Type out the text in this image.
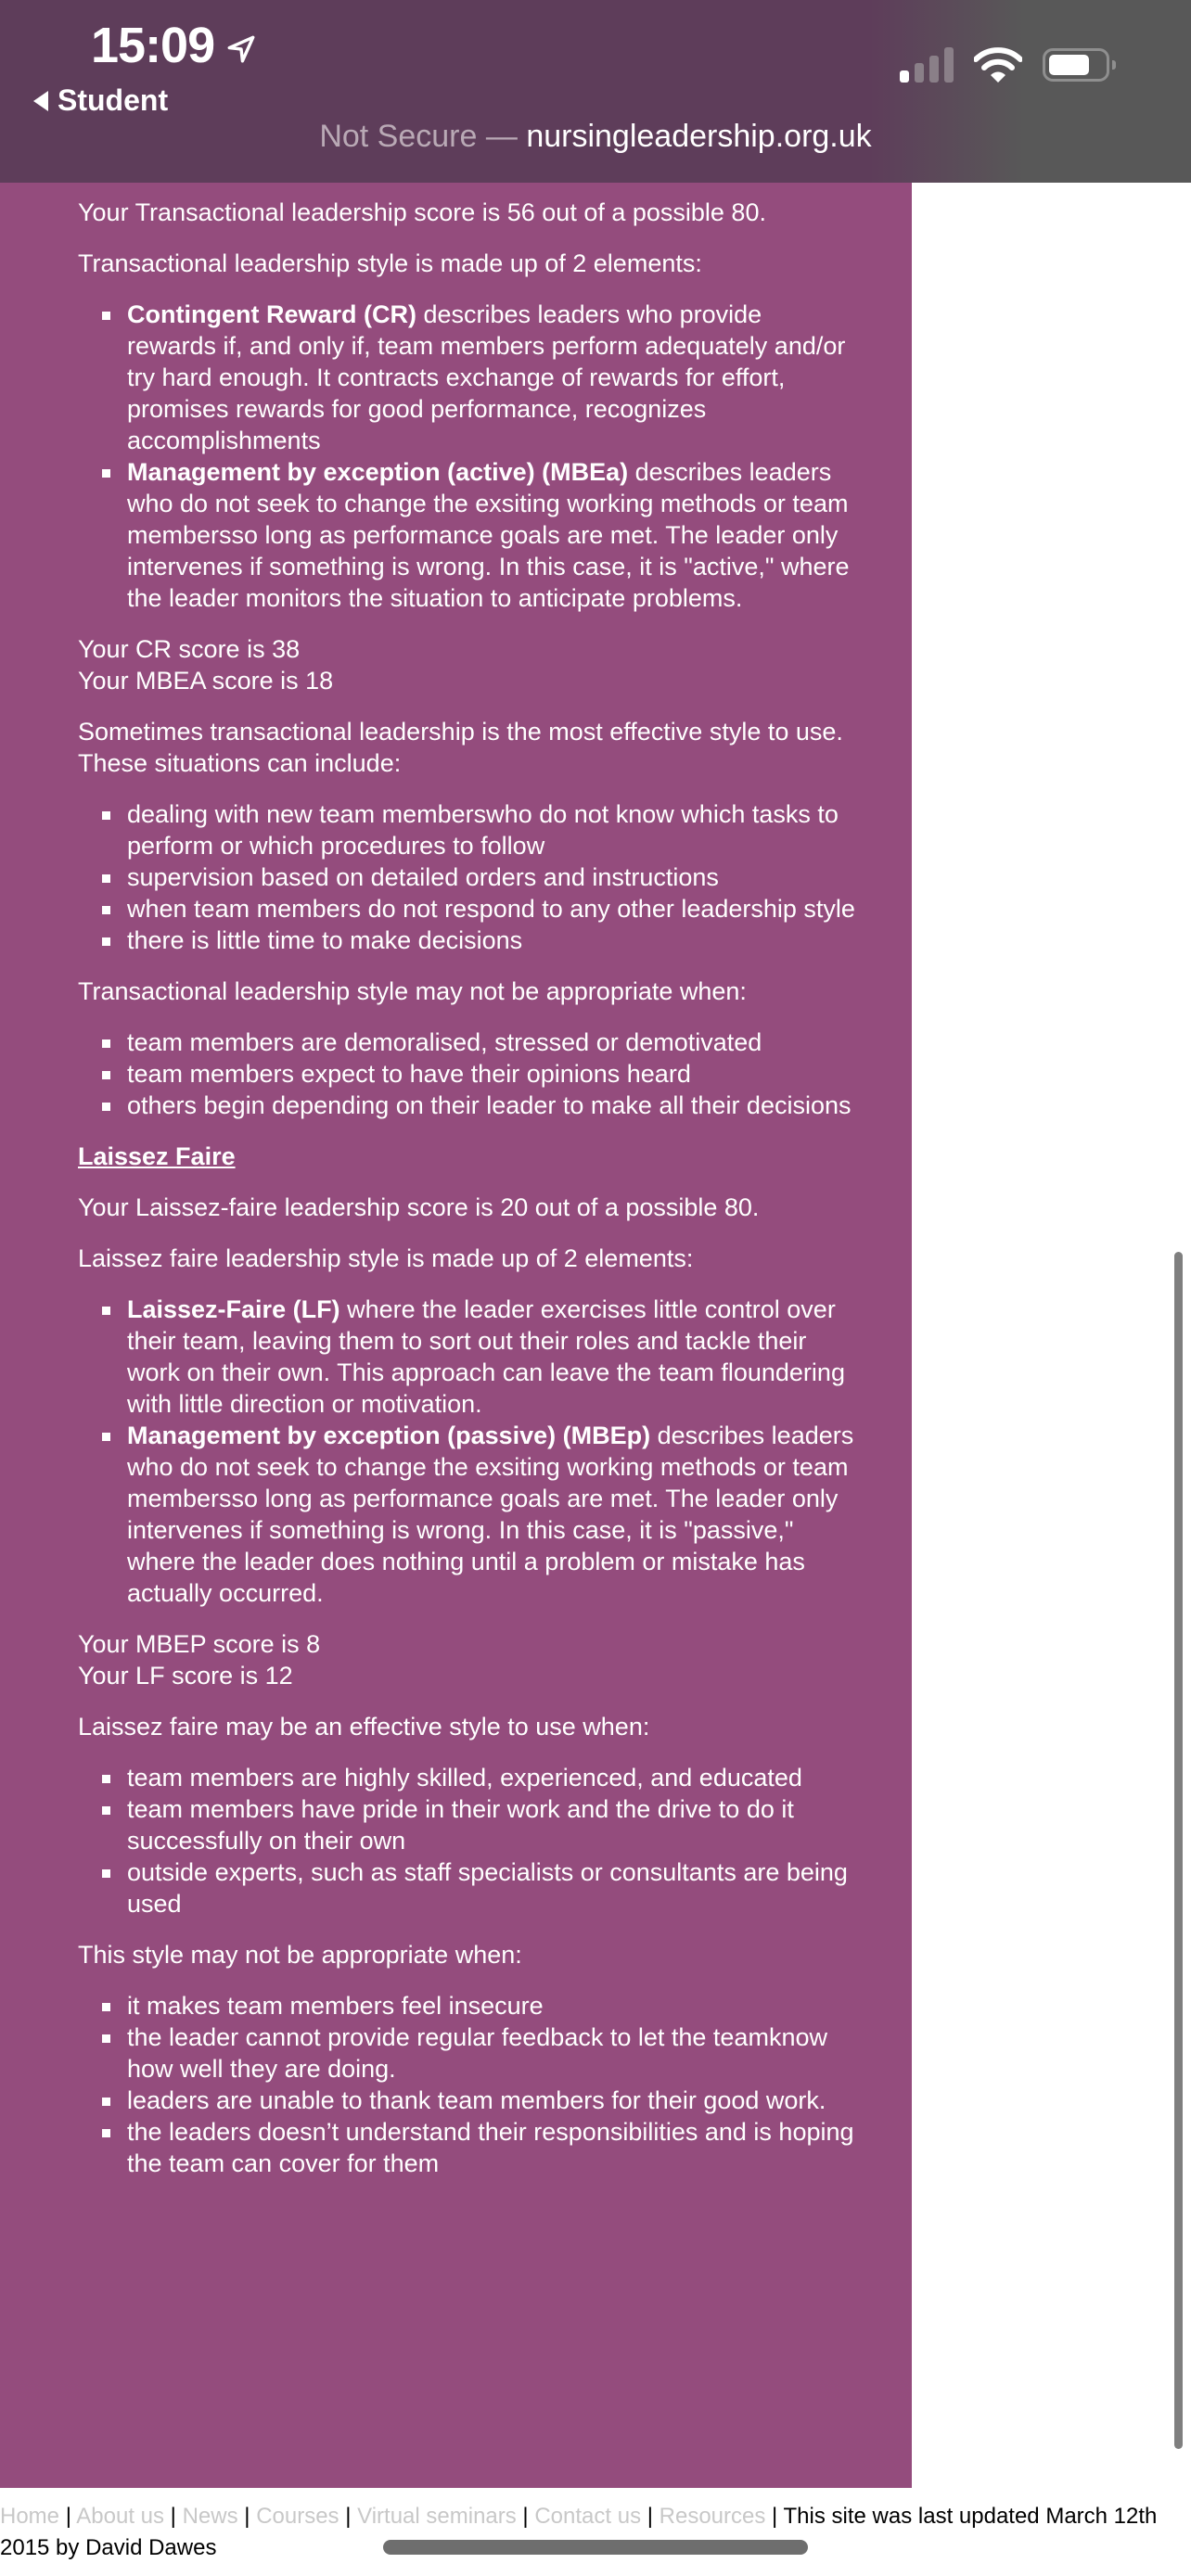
15:09
Student
Not Secure — nursingleadership.org.uk

Your Transactional leadership score is 56 out of a possible 80.

Transactional leadership style is made up of 2 elements:

Contingent Reward (CR) describes leaders who provide rewards if, and only if, team members perform adequately and/or try hard enough. It contracts exchange of rewards for effort, promises rewards for good performance, recognizes accomplishments
Management by exception (active) (MBEa) describes leaders who do not seek to change the exsiting working methods or team membersso long as performance goals are met. The leader only intervenes if something is wrong. In this case, it is "active," where the leader monitors the situation to anticipate problems.

Your CR score is 38

Your MBEA score is 18

Sometimes transactional leadership is the most effective style to use. These situations can include:

dealing with new team memberswho do not know which tasks to perform or which procedures to follow
supervision based on detailed orders and instructions
when team members do not respond to any other leadership style
there is little time to make decisions

Transactional leadership style may not be appropriate when:

team members are demoralised, stressed or demotivated
team members expect to have their opinions heard
others begin depending on their leader to make all their decisions

Laissez Faire

Your Laissez-faire leadership score is 20 out of a possible 80.

Laissez faire leadership style is made up of 2 elements:

Laissez-Faire (LF) where the leader exercises little control over their team, leaving them to sort out their roles and tackle their work on their own. This approach can leave the team floundering with little direction or motivation.
Management by exception (passive) (MBEp) describes leaders who do not seek to change the exsiting working methods or team membersso long as performance goals are met. The leader only intervenes if something is wrong. In this case, it is "passive," where the leader does nothing until a problem or mistake has actually occurred.

Your MBEP score is 8

Your LF score is 12

Laissez faire may be an effective style to use when:

team members are highly skilled, experienced, and educated
team members have pride in their work and the drive to do it successfully on their own
outside experts, such as staff specialists or consultants are being used

This style may not be appropriate when:

it makes team members feel insecure
the leader cannot provide regular feedback to let the teamknow how well they are doing.
leaders are unable to thank team members for their good work.
the leaders doesn’t understand their responsibilities and is hoping the team can cover for them
Home | About us | News | Courses | Virtual seminars | Contact us | Resources | This site was last updated March 12th 2015 by David Dawes
